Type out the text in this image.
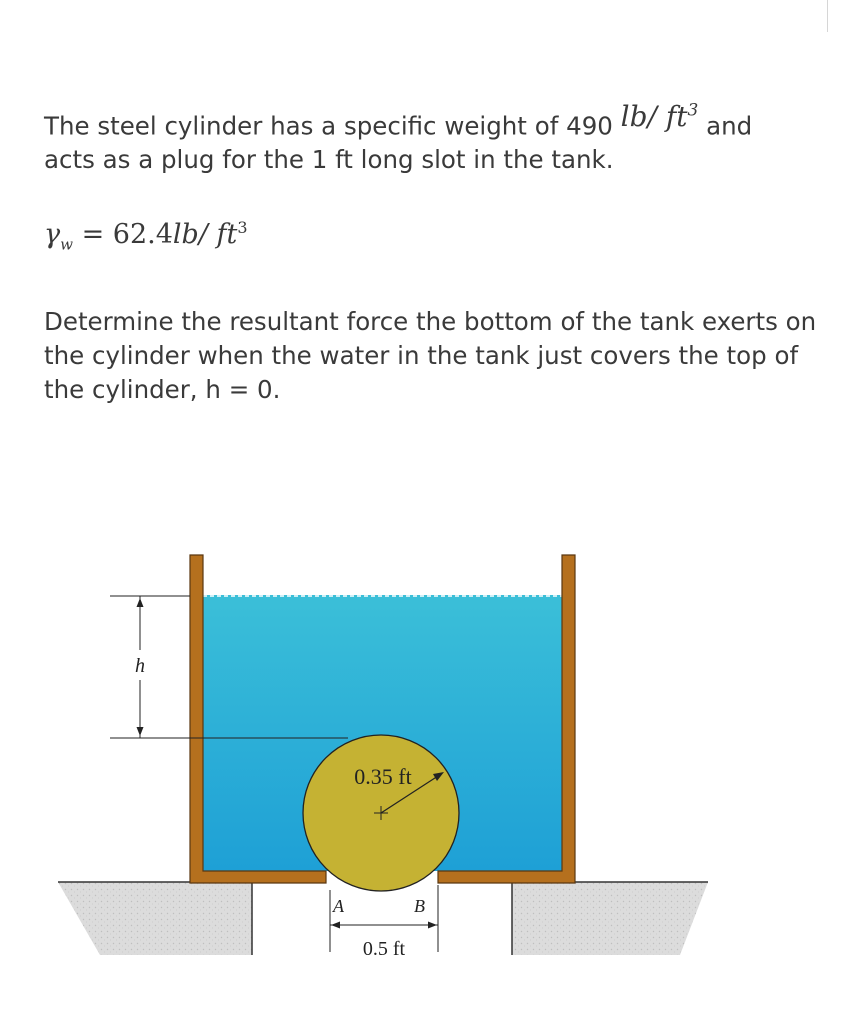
The steel cylinder has a specific weight of 490 lb/ $ft^3$ and
acts as a plug for the 1 ft long slot in the tank.

$\gamma_w = 62.4lb/$ $ft^3$

Determine the resultant force the bottom of the tank exerts on the cylinder when the water in the tank just covers the top of the cylinder, h = 0.

h
0.35 ft
A	B
0.5 ft
